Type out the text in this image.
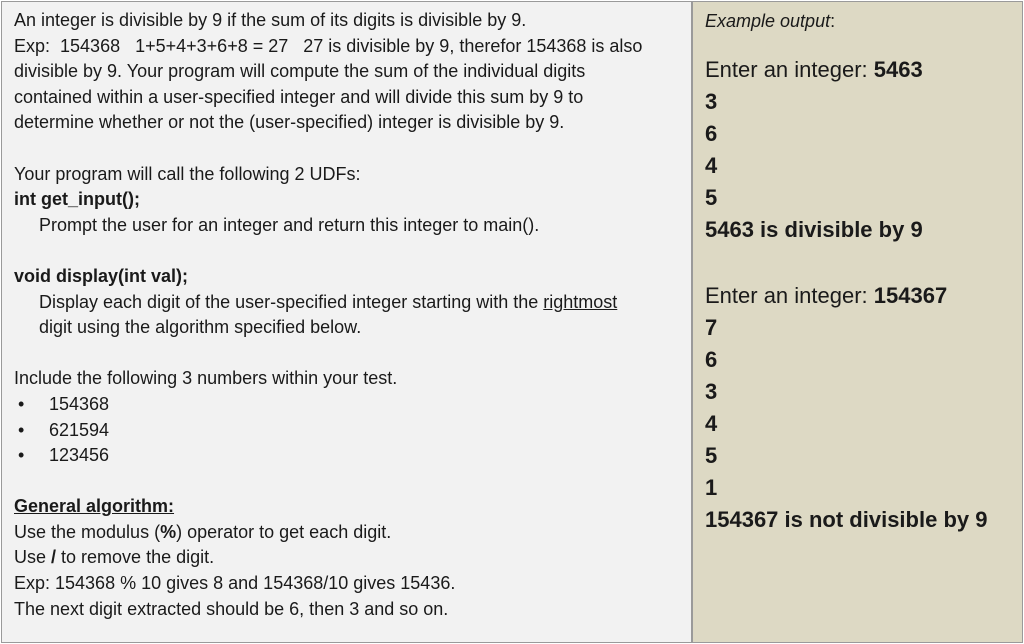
An integer is divisible by 9 if the sum of its digits is divisible by 9.
Exp:  154368   1+5+4+3+6+8 = 27   27 is divisible by 9, therefor 154368 is also
divisible by 9. Your program will compute the sum of the individual digits
contained within a user-specified integer and will divide this sum by 9 to
determine whether or not the (user-specified) integer is divisible by 9.
Your program will call the following 2 UDFs:
int get_input();
Prompt the user for an integer and return this integer to main().
void display(int val);
Display each digit of the user-specified integer starting with the rightmost
digit using the algorithm specified below.
Include the following 3 numbers within your test.
•	154368
•	621594
•	123456
General algorithm:
Use the modulus (%) operator to get each digit.
Use / to remove the digit.
Exp: 154368 % 10 gives 8 and 154368/10 gives 15436.
The next digit extracted should be 6, then 3 and so on.
Example output:
Enter an integer: 5463
3
6
4
5
5463 is divisible by 9
Enter an integer: 154367
7
6
3
4
5
1
154367 is not divisible by 9
